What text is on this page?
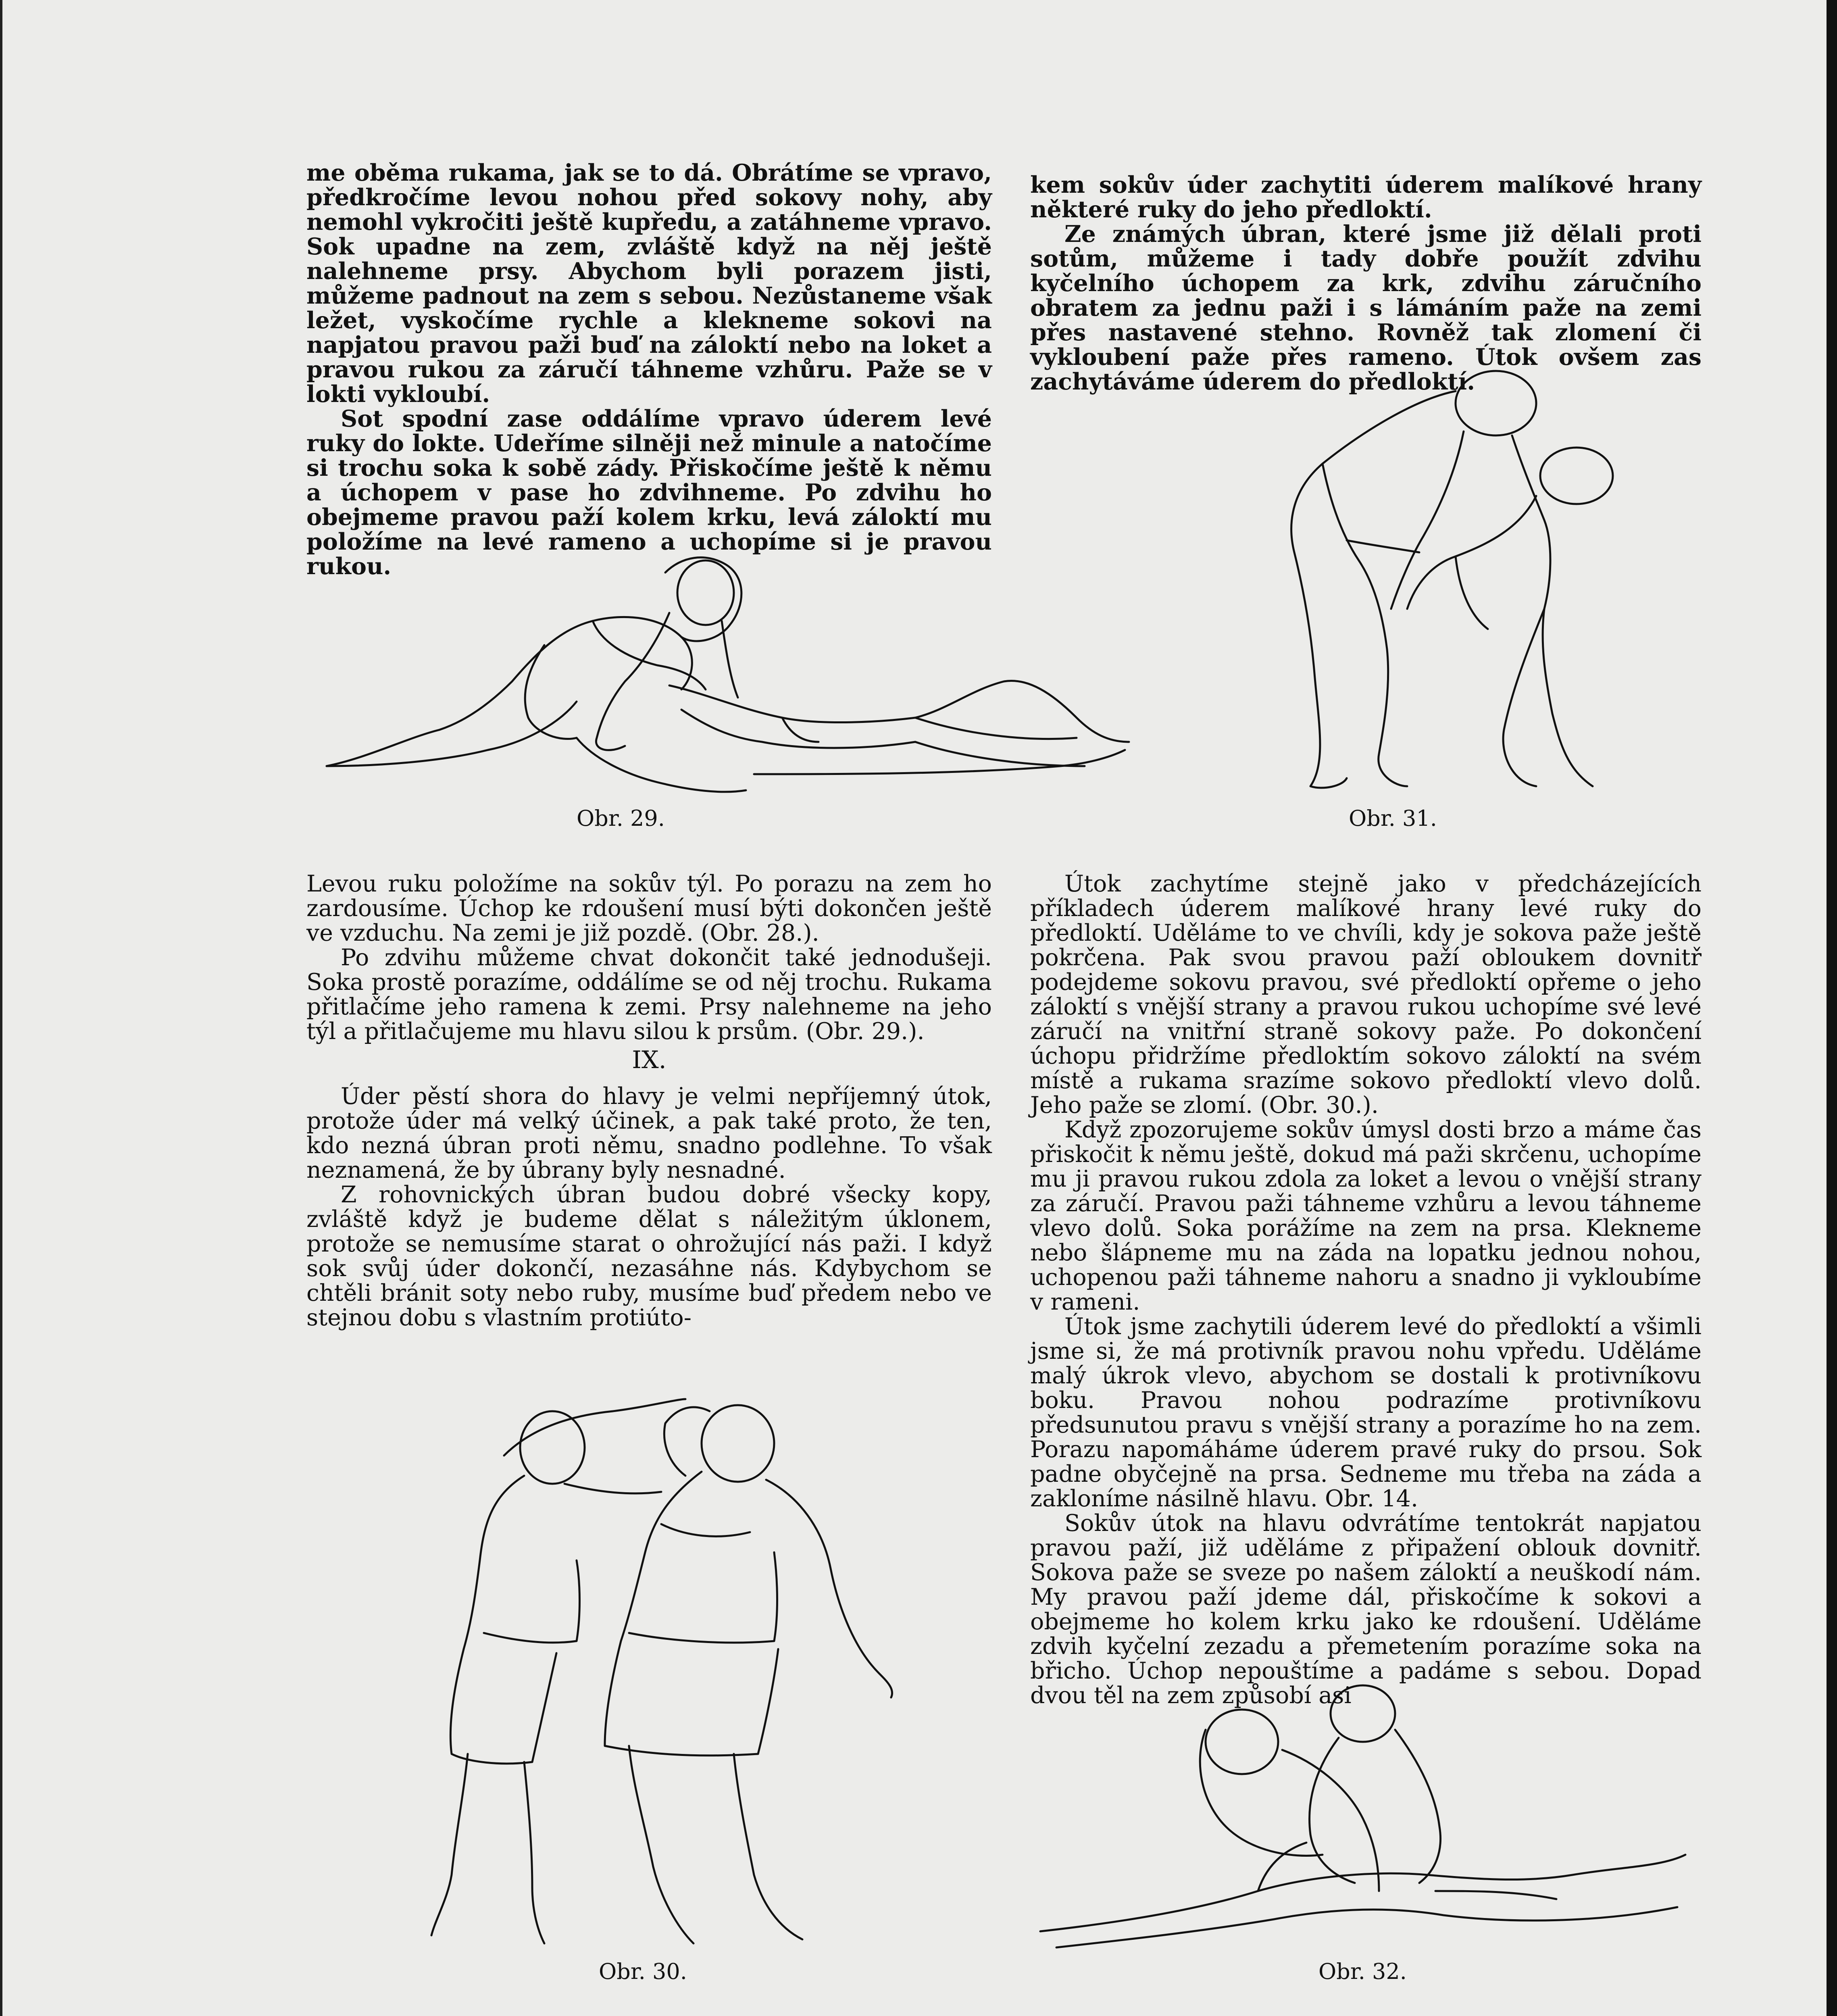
me oběma rukama, jak se to dá. Obrátíme se vpravo, předkročíme levou nohou před sokovy nohy, aby nemohl vykročiti ještě kupředu, a zatáhneme vpravo. Sok upadne na zem, zvláště když na něj ještě nalehneme prsy. Abychom byli porazem jisti, můžeme padnout na zem s sebou. Nezůstaneme však ležet, vyskočíme rychle a klekneme sokovi na napjatou pravou paži buď na záloktí nebo na loket a pravou rukou za záručí táhneme vzhůru. Paže se v lokti vykloubí.

Sot spodní zase oddálíme vpravo úderem levé ruky do lokte. Udeříme silněji než minule a natočíme si trochu soka k sobě zády. Přiskočíme ještě k němu a úchopem v pase ho zdvihneme. Po zdvihu ho obejmeme pravou paží kolem krku, levá záloktí mu položíme na levé rameno a uchopíme si je pravou rukou.

kem sokův úder zachytiti úderem malíkové hrany některé ruky do jeho předloktí.

Ze známých úbran, které jsme již dělali proti sotům, můžeme i tady dobře použít zdvihu kyčelního úchopem za krk, zdvihu záručního obratem za jednu paži i s lámáním paže na zemi přes nastavené stehno. Rovněž tak zlomení či vykloubení paže přes rameno. Útok ovšem zas zachytáváme úderem do předloktí.

Obr. 29.	Obr. 31.

Levou ruku položíme na sokův týl. Po porazu na zem ho zardousíme. Úchop ke rdoušení musí býti dokončen ještě ve vzduchu. Na zemi je již pozdě. (Obr. 28.).

Po zdvihu můžeme chvat dokončit také jednodušeji. Soka prostě porazíme, oddálíme se od něj trochu. Rukama přitlačíme jeho ramena k zemi. Prsy nalehneme na jeho týl a přitlačujeme mu hlavu silou k prsům. (Obr. 29.).

IX.

Úder pěstí shora do hlavy je velmi nepříjemný útok, protože úder má velký účinek, a pak také proto, že ten, kdo nezná úbran proti němu, snadno podlehne. To však neznamená, že by úbrany byly nesnadné.

Z rohovnických úbran budou dobré všecky kopy, zvláště když je budeme dělat s náležitým úklonem, protože se nemusíme starat o ohrožující nás paži. I když sok svůj úder dokončí, nezasáhne nás. Kdybychom se chtěli bránit soty nebo ruby, musíme buď předem nebo ve stejnou dobu s vlastním protiúto-

Útok zachytíme stejně jako v předcházejících příkladech úderem malíkové hrany levé ruky do předloktí. Uděláme to ve chvíli, kdy je sokova paže ještě pokrčena. Pak svou pravou paží obloukem dovnitř podejdeme sokovu pravou, své předloktí opřeme o jeho záloktí s vnější strany a pravou rukou uchopíme své levé záručí na vnitřní straně sokovy paže. Po dokončení úchopu přidržíme předloktím sokovo záloktí na svém místě a rukama srazíme sokovo předloktí vlevo dolů. Jeho paže se zlomí. (Obr. 30.).

Když zpozorujeme sokův úmysl dosti brzo a máme čas přiskočit k němu ještě, dokud má paži skrčenu, uchopíme mu ji pravou rukou zdola za loket a levou o vnější strany za záručí. Pravou paži táhneme vzhůru a levou táhneme vlevo dolů. Soka porážíme na zem na prsa. Klekneme nebo šlápneme mu na záda na lopatku jednou nohou, uchopenou paži táhneme nahoru a snadno ji vykloubíme v rameni.

Útok jsme zachytili úderem levé do předloktí a všimli jsme si, že má protivník pravou nohu vpředu. Uděláme malý úkrok vlevo, abychom se dostali k protivníkovu boku. Pravou nohou podrazíme protivníkovu předsunutou pravu s vnější strany a porazíme ho na zem. Porazu napomáháme úderem pravé ruky do prsou. Sok padne obyčejně na prsa. Sedneme mu třeba na záda a zakloníme násilně hlavu. Obr. 14.

Sokův útok na hlavu odvrátíme tentokrát napjatou pravou paží, již uděláme z připažení oblouk dovnitř. Sokova paže se sveze po našem záloktí a neuškodí nám. My pravou paží jdeme dál, přiskočíme k sokovi a obejmeme ho kolem krku jako ke rdoušení. Uděláme zdvih kyčelní zezadu a přemetením porazíme soka na břicho. Úchop nepouštíme a padáme s sebou. Dopad dvou těl na zem způsobí asi

Obr. 30.	Obr. 32.
